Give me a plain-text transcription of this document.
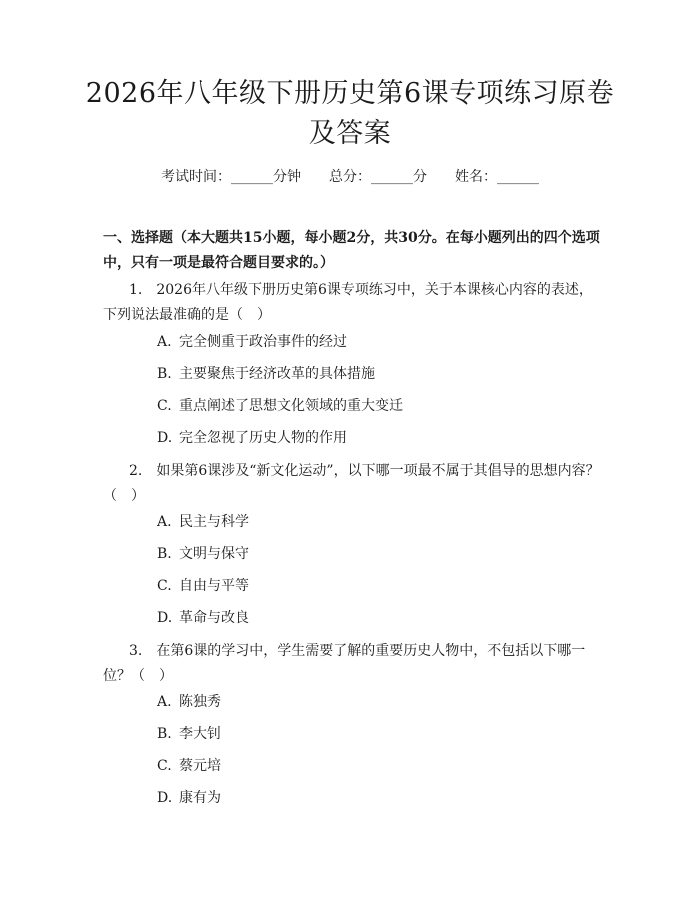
2026年八年级下册历史第6课专项练习原卷及答案
考试时间：______分钟　　总分：______分　　姓名：______
一、选择题（本大题共15小题，每小题2分，共30分。在每小题列出的四个选项中，只有一项是最符合题目要求的。）
1. 2026年八年级下册历史第6课专项练习中，关于本课核心内容的表述，下列说法最准确的是（　）
A. 完全侧重于政治事件的经过
B. 主要聚焦于经济改革的具体措施
C. 重点阐述了思想文化领域的重大变迁
D. 完全忽视了历史人物的作用
2. 如果第6课涉及“新文化运动”，以下哪一项最不属于其倡导的思想内容？（　）
A. 民主与科学
B. 文明与保守
C. 自由与平等
D. 革命与改良
3. 在第6课的学习中，学生需要了解的重要历史人物中，不包括以下哪一位？（　）
A. 陈独秀
B. 李大钊
C. 蔡元培
D. 康有为
